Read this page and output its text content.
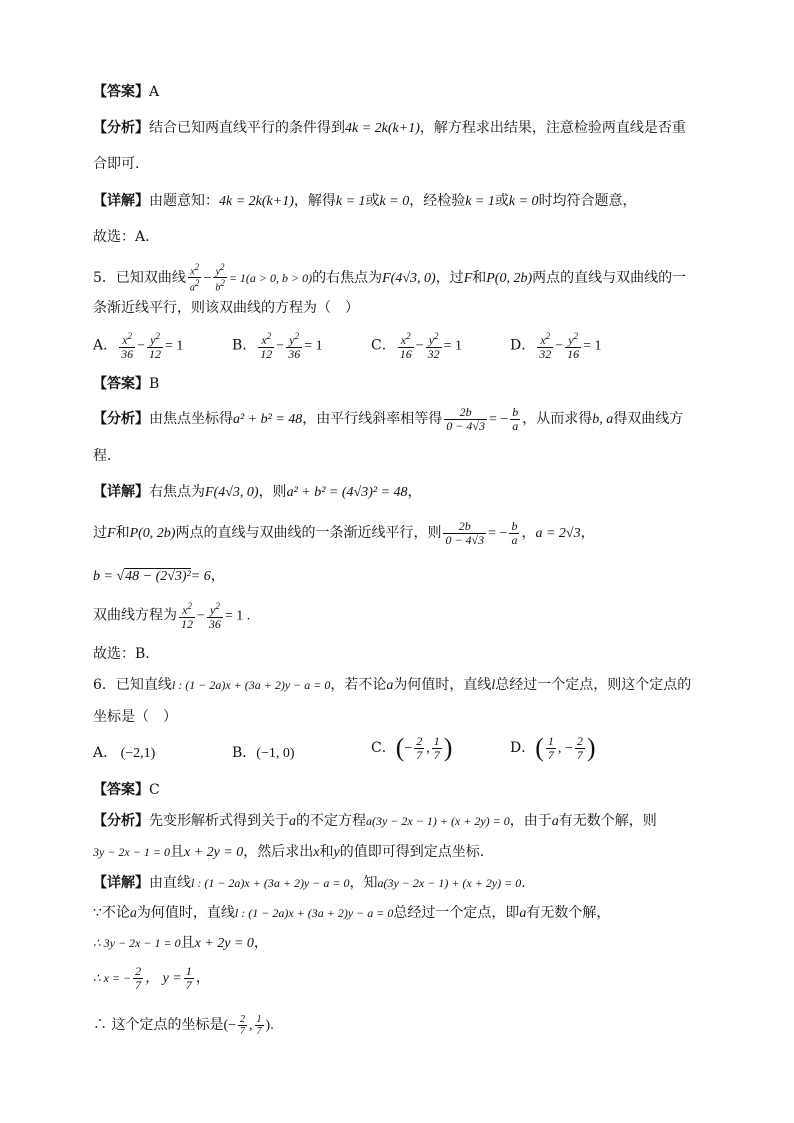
【答案】A
【分析】结合已知两直线平行的条件得到4k = 2k(k+1)，解方程求出结果，注意检验两直线是否重
合即可.
【详解】由题意知：4k = 2k(k+1)，解得k = 1或k = 0，经检验k = 1或k = 0时均符合题意，
故选：A.
5．已知双曲线 $\frac{x^2}{a^2} - \frac{y^2}{b^2} = 1(a > 0$, b > 0)的右焦点为F(4√3, 0)，过F和P(0, 2b)两点的直线与双曲线的一
条渐近线平行，则该双曲线的方程为（　）
A． $\frac{x^2}{36} - \frac{y^2}{12} = 1$	B． $\frac{x^2}{12} - \frac{y^2}{36} = 1$	C． $\frac{x^2}{16} - \frac{y^2}{32} = 1$	D． $\frac{x^2}{32} - \frac{y^2}{16} = 1$
【答案】B
【分析】由焦点坐标得a² + b² = 48，由平行线斜率相等得 $\frac{2b}{0 - 4√3}$ = − $\frac{b}{a}$ ，从而求得b, a得双曲线方
程.
【详解】右焦点为F(4√3, 0)，则a² + b² = (4√3)² = 48，
过F和P(0, 2b)两点的直线与双曲线的一条渐近线平行，则 $\frac{2b}{0 - 4√3}$ = − $\frac{b}{a}$ ，a = 2√3，
b = √48 − (2√3)²= 6，
双曲线方程为 $\frac{x^2}{12} - \frac{y^2}{36} = 1$ .
故选：B.
6．已知直线l : (1 − 2a)x + (3a + 2)y − a = 0，若不论a为何值时，直线l总经过一个定点，则这个定点的
坐标是（　）
A． (−2,1)	B．(−1, 0)	C．(− $\frac{2}{7}$ , $\frac{1}{7}$ )	D．( $\frac{1}{7}$ , − $\frac{2}{7}$ )
【答案】C
【分析】先变形解析式得到关于a的不定方程a(3y − 2x − 1) + (x + 2y) = 0，由于a有无数个解，则
3y − 2x − 1 = 0且x + 2y = 0，然后求出x和y的值即可得到定点坐标.
【详解】由直线l : (1 − 2a)x + (3a + 2)y − a = 0，知a(3y − 2x − 1) + (x + 2y) = 0.
∵不论a为何值时，直线l : (1 − 2a)x + (3a + 2)y − a = 0总经过一个定点，即a有无数个解，
∴ 3y − 2x − 1 = 0且x + 2y = 0，
∴ x = − $\frac{2}{7}$ ， $y = \frac{1}{7}$ ，
∴ 这个定点的坐标是(− $\frac{2}{7}$ , $\frac{1}{7}$ ).
